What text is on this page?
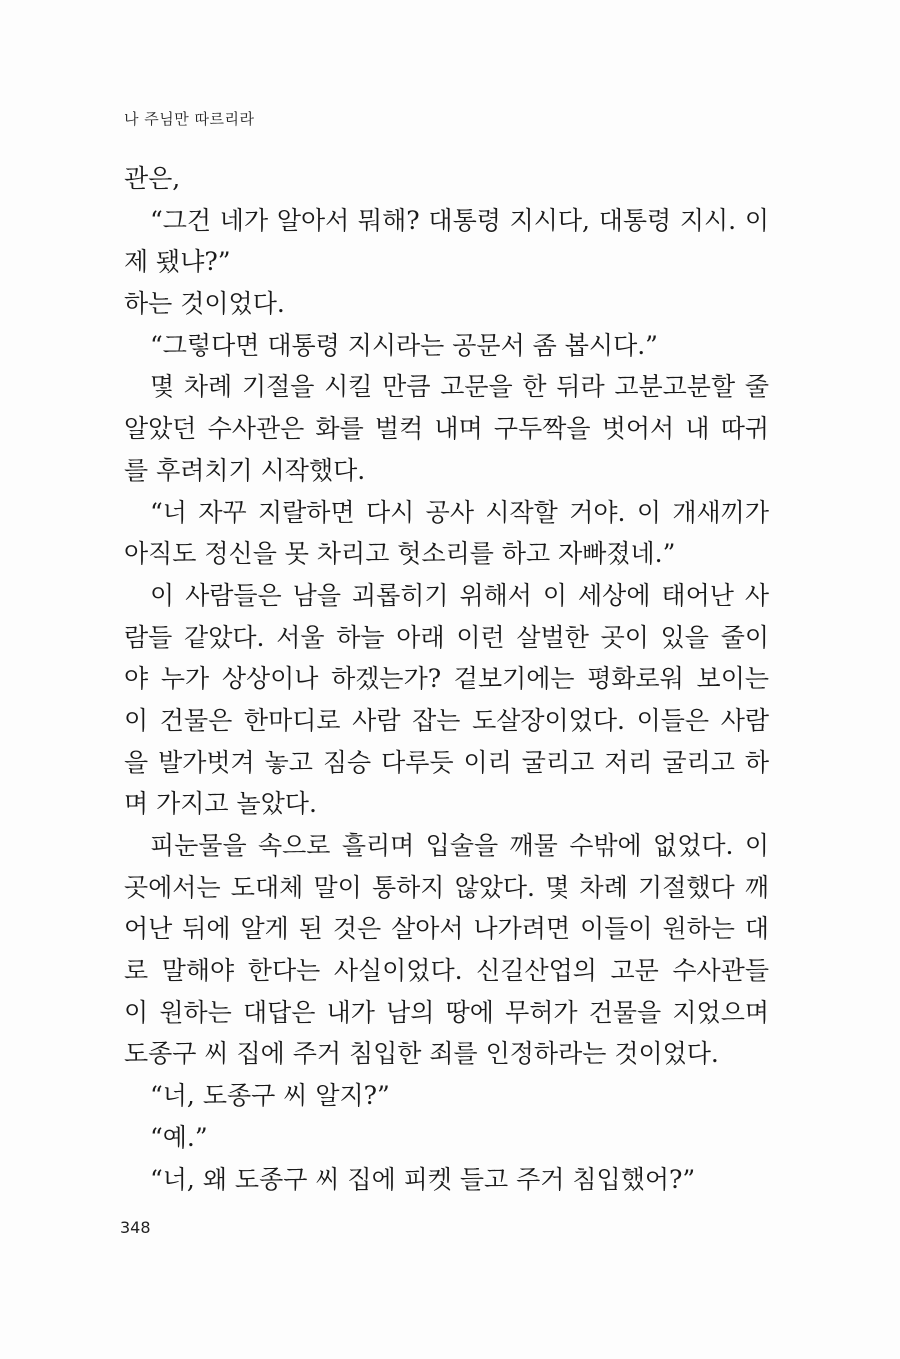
나 주님만 따르리라
관은,
“그건 네가 알아서 뭐해? 대통령 지시다, 대통령 지시. 이
제 됐냐?”
하는 것이었다.
“그렇다면 대통령 지시라는 공문서 좀 봅시다.”
몇 차례 기절을 시킬 만큼 고문을 한 뒤라 고분고분할 줄
알았던 수사관은 화를 벌컥 내며 구두짝을 벗어서 내 따귀
를 후려치기 시작했다.
“너 자꾸 지랄하면 다시 공사 시작할 거야. 이 개새끼가
아직도 정신을 못 차리고 헛소리를 하고 자빠졌네.”
이 사람들은 남을 괴롭히기 위해서 이 세상에 태어난 사
람들 같았다. 서울 하늘 아래 이런 살벌한 곳이 있을 줄이
야 누가 상상이나 하겠는가? 겉보기에는 평화로워 보이는
이 건물은 한마디로 사람 잡는 도살장이었다. 이들은 사람
을 발가벗겨 놓고 짐승 다루듯 이리 굴리고 저리 굴리고 하
며 가지고 놀았다.
피눈물을 속으로 흘리며 입술을 깨물 수밖에 없었다. 이
곳에서는 도대체 말이 통하지 않았다. 몇 차례 기절했다 깨
어난 뒤에 알게 된 것은 살아서 나가려면 이들이 원하는 대
로 말해야 한다는 사실이었다. 신길산업의 고문 수사관들
이 원하는 대답은 내가 남의 땅에 무허가 건물을 지었으며
도종구 씨 집에 주거 침입한 죄를 인정하라는 것이었다.
“너, 도종구 씨 알지?”
“예.”
“너, 왜 도종구 씨 집에 피켓 들고 주거 침입했어?”
348
